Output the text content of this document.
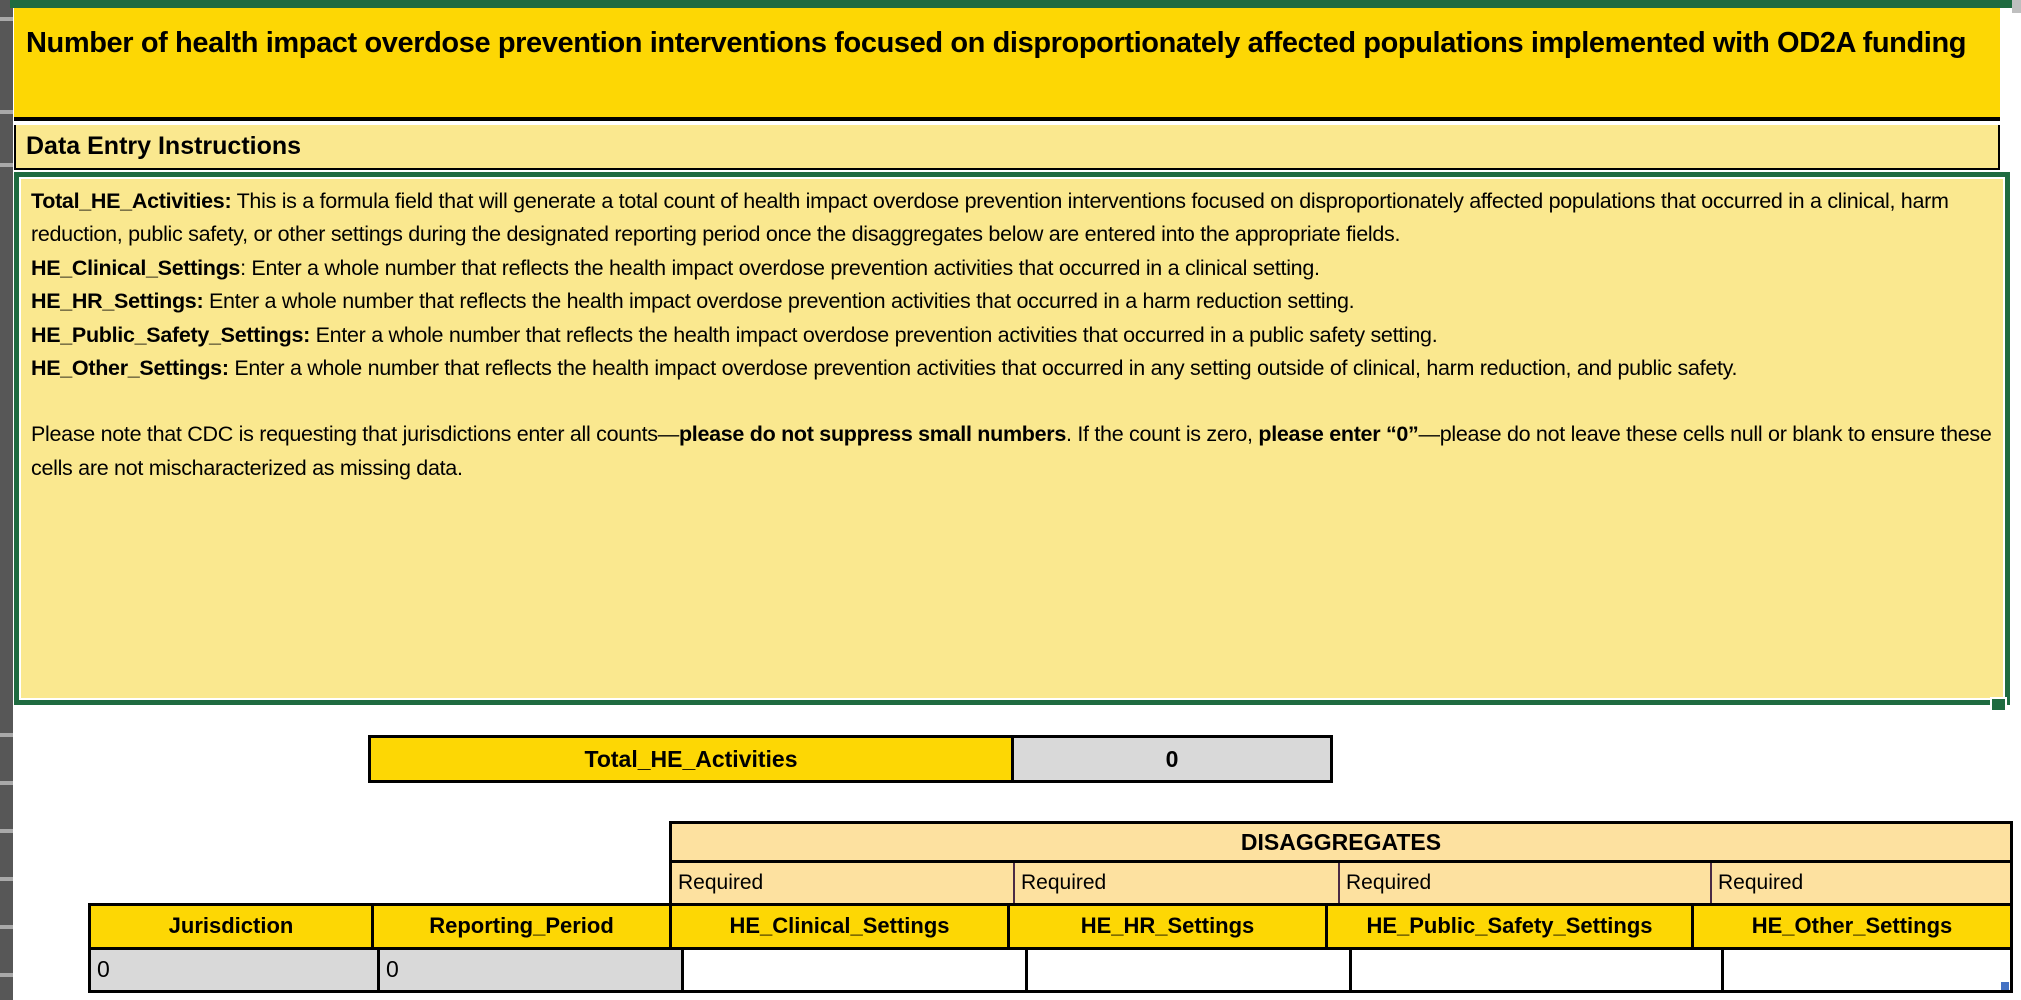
Number of health impact overdose prevention interventions focused on disproportionately affected populations implemented with OD2A funding
Data Entry Instructions

Total_HE_Activities: This is a formula field that will generate a total count of health impact overdose prevention interventions focused on disproportionately affected populations that occurred in a clinical, harm reduction, public safety, or other settings during the designated reporting period once the disaggregates below are entered into the appropriate fields.

HE_Clinical_Settings: Enter a whole number that reflects the health impact overdose prevention activities that occurred in a clinical setting.

HE_HR_Settings: Enter a whole number that reflects the health impact overdose prevention activities that occurred in a harm reduction setting.

HE_Public_Safety_Settings: Enter a whole number that reflects the health impact overdose prevention activities that occurred in a public safety setting.

HE_Other_Settings: Enter a whole number that reflects the health impact overdose prevention activities that occurred in any setting outside of clinical, harm reduction, and public safety.

Please note that CDC is requesting that jurisdictions enter all counts—please do not suppress small numbers. If the count is zero, please enter “0”—please do not leave these cells null or blank to ensure these cells are not mischaracterized as missing data.

Total_HE_Activities	0
DISAGGREGATES
Required	Required	Required	Required
Jurisdiction	Reporting_Period	HE_Clinical_Settings	HE_HR_Settings	HE_Public_Safety_Settings	HE_Other_Settings
0	0
